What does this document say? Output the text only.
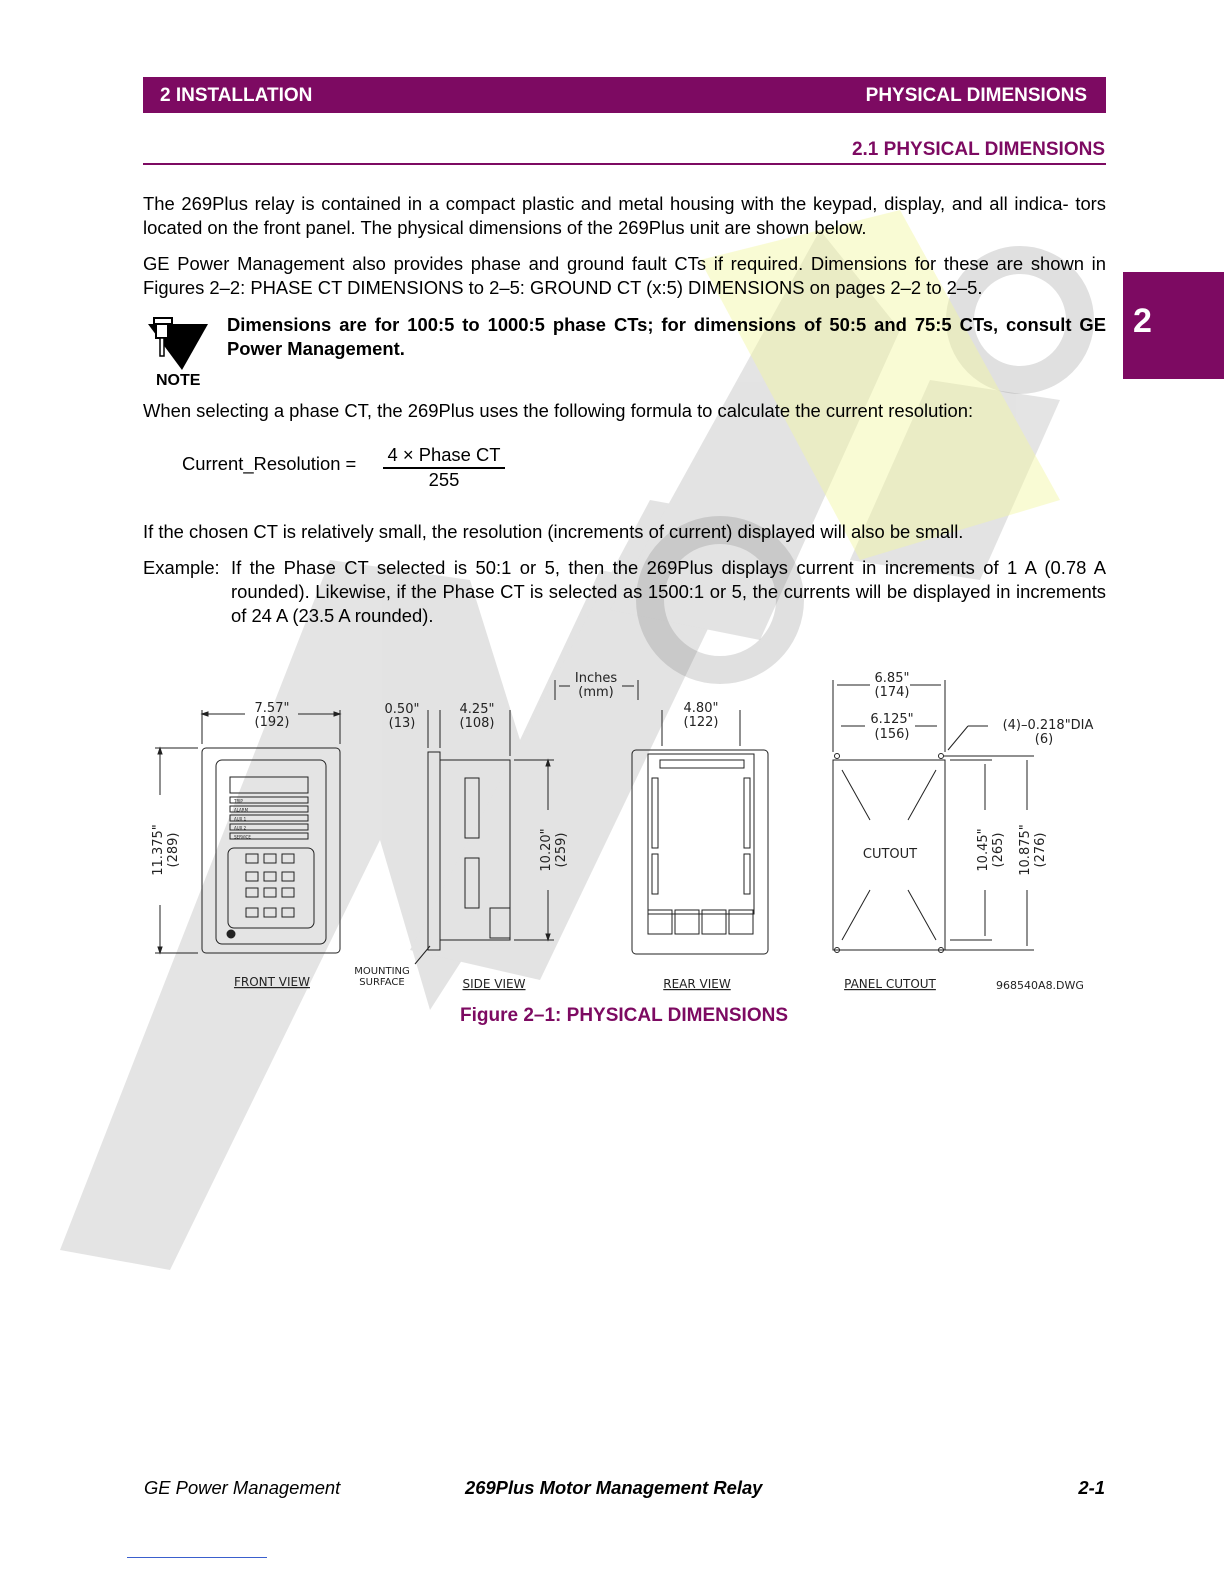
2 INSTALLATION	PHYSICAL DIMENSIONS
2.1 PHYSICAL DIMENSIONS
2
The 269Plus relay is contained in a compact plastic and metal housing with the keypad, display, and all indica- tors located on the front panel. The physical dimensions of the 269Plus unit are shown below.
GE Power Management also provides phase and ground fault CTs if required. Dimensions for these are shown in Figures 2–2: PHASE CT DIMENSIONS to 2–5: GROUND CT (x:5) DIMENSIONS on pages 2–2 to 2–5.
NOTE
Dimensions are for 100:5 to 1000:5 phase CTs; for dimensions of 50:5 and 75:5 CTs, consult GE Power Management.
When selecting a phase CT, the 269Plus uses the following formula to calculate the current resolution:
Current_Resolution = 4 × Phase CT
255
If the chosen CT is relatively small, the resolution (increments of current) displayed will also be small.
Example: If the Phase CT selected is 50:1 or 5, then the 269Plus displays current in increments of 1 A (0.78 A rounded). Likewise, if the Phase CT is selected as 1500:1 or 5, the currents will be displayed in increments of 24 A (23.5 A rounded).
TRIP
ALARM
AUX 1
AUX 2
SERVICE
7.57"
(192)
11.375" (289)
FRONT VIEW
0.50"
(13)
4.25"
(108)
10.20" (259)
MOUNTING
SURFACE	SIDE VIEW
Inches
(mm)
4.80"
(122)
REAR VIEW
CUTOUT
6.85"
(174)
6.125"
(156)
(4)–0.218"DIA
(6)
10.45" (265) 10.875" (276)
PANEL CUTOUT	968540A8.DWG
Figure 2–1: PHYSICAL DIMENSIONS
GE Power Management	269Plus Motor Management Relay	2-1
